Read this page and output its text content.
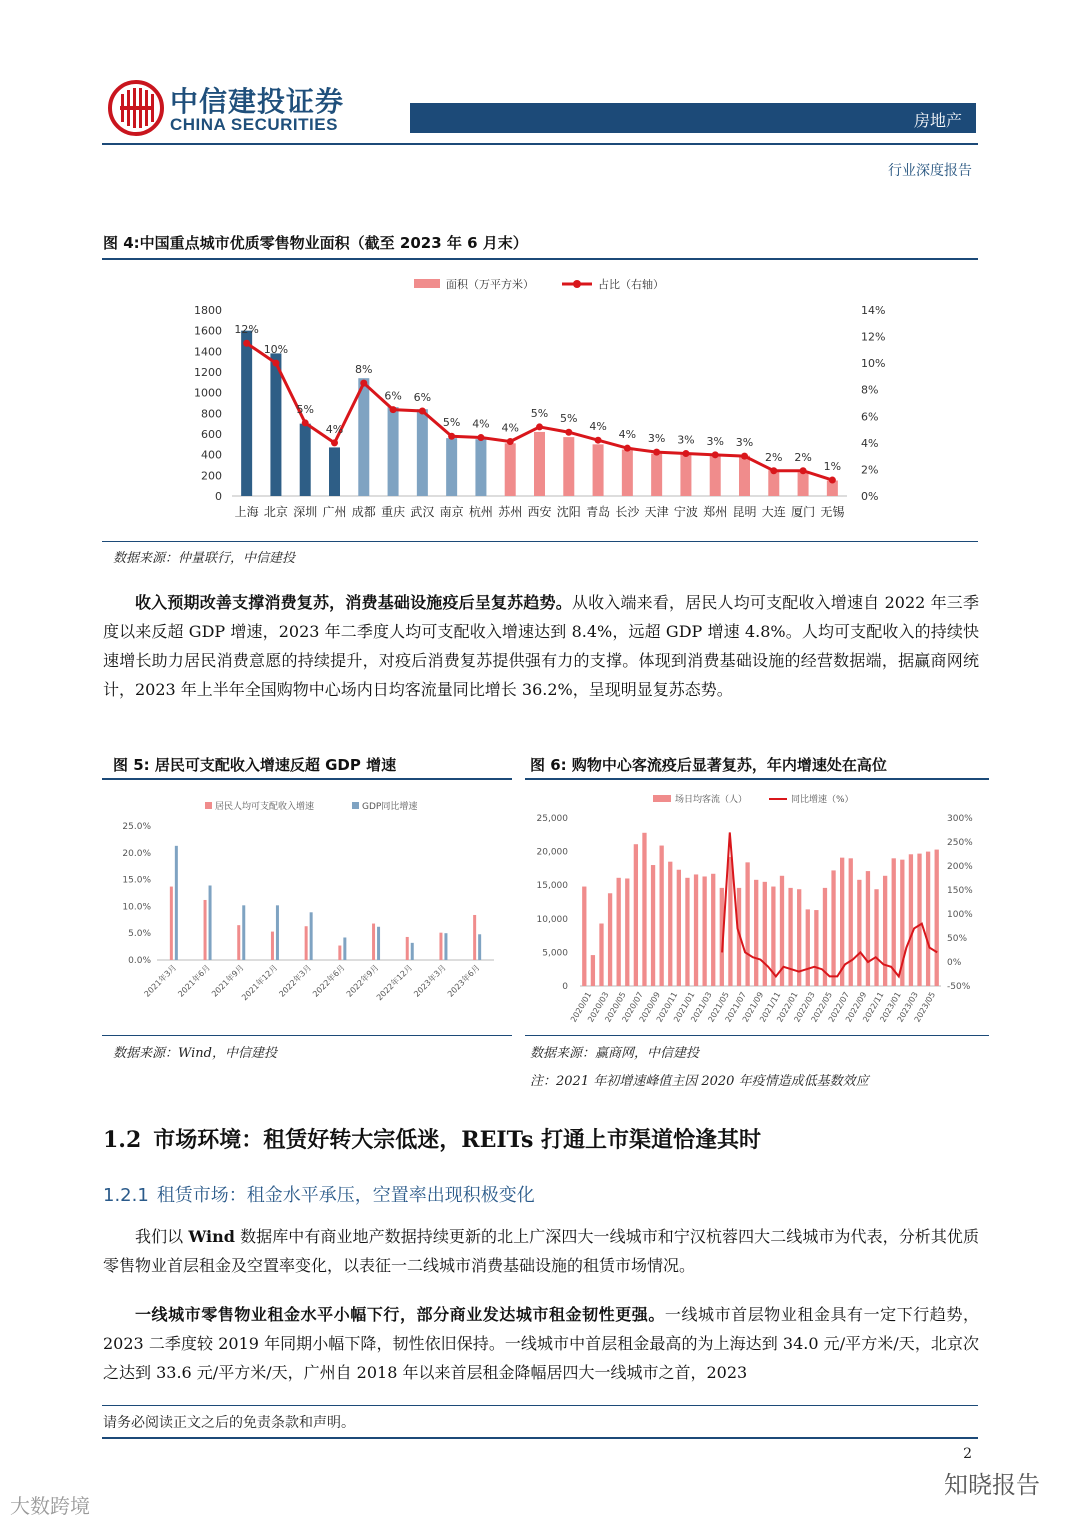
中信建投证券
CHINA SECURITIES	房地产
行业深度报告
图 4:中国重点城市优质零售物业面积（截至 2023 年 6 月末）
面积（万平方米）	占比（右轴）
0
200
400
600
800
1000
1200
1400
1600
1800
0%
2%
4%
6%
8%
10%
12%
14%
上海 北京 深圳 广州 成都 重庆 武汉 南京 杭州 苏州 西安 沈阳 青岛 长沙 天津 宁波 郑州 昆明 大连 厦门 无锡
12%
10%
5%
4%
8%
6% 6%
5% 4% 4%
5% 5%
4%
4% 3% 3% 3% 3%
2% 2%
1%
数据来源：仲量联行，中信建投
收入预期改善支撑消费复苏，消费基础设施疫后呈复苏趋势。从收入端来看，居民人均可支配收入增速自 2022 年三季度以来反超 GDP 增速，2023 年二季度人均可支配收入增速达到 8.4%，远超 GDP 增速 4.8%。人均可支配收入的持续快速增长助力居民消费意愿的持续提升，对疫后消费复苏提供强有力的支撑。体现到消费基础设施的经营数据端，据赢商网统计，2023 年上半年全国购物中心场内日均客流量同比增长 36.2%，呈现明显复苏态势。
图 5: 居民可支配收入增速反超 GDP 增速	图 6: 购物中心客流疫后显著复苏，年内增速处在高位
居民人均可支配收入增速	GDP同比增速
0.0%
5.0%
10.0%
15.0%
20.0%
25.0%
2021年3月
2021年6月
2021年9月
2021年12月
2022年3月
2022年6月
2022年9月
2022年12月
2023年3月
2023年6月
场日均客流（人）	同比增速（%）
0
5,000
10,000
15,000
20,000
25,000
-50%
0%
50%
100%
150%
200%
250%
300%
2020/01
2020/03
2020/05
2020/07
2020/09
2020/11
2021/01
2021/03
2021/05
2021/07
2021/09
2021/11
2022/01
2022/03
2022/05
2022/07
2022/09
2022/11
2023/01
2023/03
2023/05
数据来源：Wind，中信建投	数据来源：赢商网，中信建投
注：2021 年初增速峰值主因 2020 年疫情造成低基数效应
1.2 市场环境：租赁好转大宗低迷，REITs 打通上市渠道恰逢其时
1.2.1 租赁市场：租金水平承压，空置率出现积极变化
我们以 Wind 数据库中有商业地产数据持续更新的北上广深四大一线城市和宁汉杭蓉四大二线城市为代表，分析其优质零售物业首层租金及空置率变化，以表征一二线城市消费基础设施的租赁市场情况。
一线城市零售物业租金水平小幅下行，部分商业发达城市租金韧性更强。一线城市首层物业租金具有一定下行趋势，2023 二季度较 2019 年同期小幅下降，韧性依旧保持。一线城市中首层租金最高的为上海达到 34.0 元/平方米/天，北京次之达到 33.6 元/平方米/天，广州自 2018 年以来首层租金降幅居四大一线城市之首，2023
请务必阅读正文之后的免责条款和声明。
2
知晓报告
大数跨境
